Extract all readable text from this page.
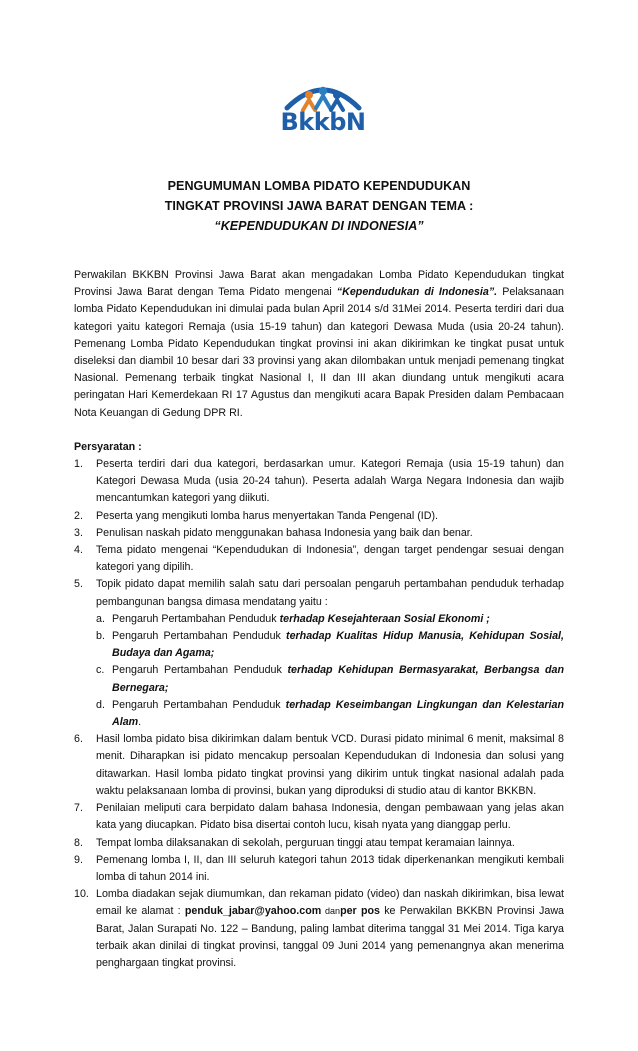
BkkbN
PENGUMUMAN LOMBA PIDATO KEPENDUDUKAN
TINGKAT PROVINSI JAWA BARAT DENGAN TEMA :
“KEPENDUDUKAN DI INDONESIA”

Perwakilan BKKBN Provinsi Jawa Barat akan mengadakan Lomba Pidato Kependudukan tingkat Provinsi Jawa Barat dengan Tema Pidato mengenai “Kependudukan di Indonesia”. Pelaksanaan lomba Pidato Kependudukan ini dimulai pada bulan April 2014 s/d 31Mei 2014. Peserta terdiri dari dua kategori yaitu kategori Remaja (usia 15-19 tahun) dan kategori Dewasa Muda (usia 20-24 tahun). Pemenang Lomba Pidato Kependudukan tingkat provinsi ini akan dikirimkan ke tingkat pusat untuk diseleksi dan diambil 10 besar dari 33 provinsi yang akan dilombakan untuk menjadi pemenang tingkat Nasional. Pemenang terbaik tingkat Nasional I, II dan III akan diundang untuk mengikuti acara peringatan Hari Kemerdekaan RI 17 Agustus dan mengikuti acara Bapak Presiden dalam Pembacaan Nota Keuangan di Gedung DPR RI.

Persyaratan :

1. Peserta terdiri dari dua kategori, berdasarkan umur. Kategori Remaja (usia 15-19 tahun) dan Kategori Dewasa Muda (usia 20-24 tahun). Peserta adalah Warga Negara Indonesia dan wajib mencantumkan kategori yang diikuti.
2. Peserta yang mengikuti lomba harus menyertakan Tanda Pengenal (ID).
3. Penulisan naskah pidato menggunakan bahasa Indonesia yang baik dan benar.
4. Tema pidato mengenai “Kependudukan di Indonesia”, dengan target pendengar sesuai dengan kategori yang dipilih.
5. Topik pidato dapat memilih salah satu dari persoalan pengaruh pertambahan penduduk terhadap pembangunan bangsa dimasa mendatang yaitu :
a. Pengaruh Pertambahan Penduduk terhadap Kesejahteraan Sosial Ekonomi ;
b. Pengaruh Pertambahan Penduduk terhadap Kualitas Hidup Manusia, Kehidupan Sosial, Budaya dan Agama;
c. Pengaruh Pertambahan Penduduk terhadap Kehidupan Bermasyarakat, Berbangsa dan Bernegara;
d. Pengaruh Pertambahan Penduduk terhadap Keseimbangan Lingkungan dan Kelestarian Alam.
6. Hasil lomba pidato bisa dikirimkan dalam bentuk VCD. Durasi pidato minimal 6 menit, maksimal 8 menit. Diharapkan isi pidato mencakup persoalan Kependudukan di Indonesia dan solusi yang ditawarkan. Hasil lomba pidato tingkat provinsi yang dikirim untuk tingkat nasional adalah pada waktu pelaksanaan lomba di provinsi, bukan yang diproduksi di studio atau di kantor BKKBN.
7. Penilaian meliputi cara berpidato dalam bahasa Indonesia, dengan pembawaan yang jelas akan kata yang diucapkan. Pidato bisa disertai contoh lucu, kisah nyata yang dianggap perlu.
8. Tempat lomba dilaksanakan di sekolah, perguruan tinggi atau tempat keramaian lainnya.
9. Pemenang lomba I, II, dan III seluruh kategori tahun 2013 tidak diperkenankan mengikuti kembali lomba di tahun 2014 ini.
10. Lomba diadakan sejak diumumkan, dan rekaman pidato (video) dan naskah dikirimkan, bisa lewat email ke alamat : penduk_jabar@yahoo.com danper pos ke Perwakilan BKKBN Provinsi Jawa Barat, Jalan Surapati No. 122 – Bandung, paling lambat diterima tanggal 31 Mei 2014. Tiga karya terbaik akan dinilai di tingkat provinsi, tanggal 09 Juni 2014 yang pemenangnya akan menerima penghargaan tingkat provinsi.
